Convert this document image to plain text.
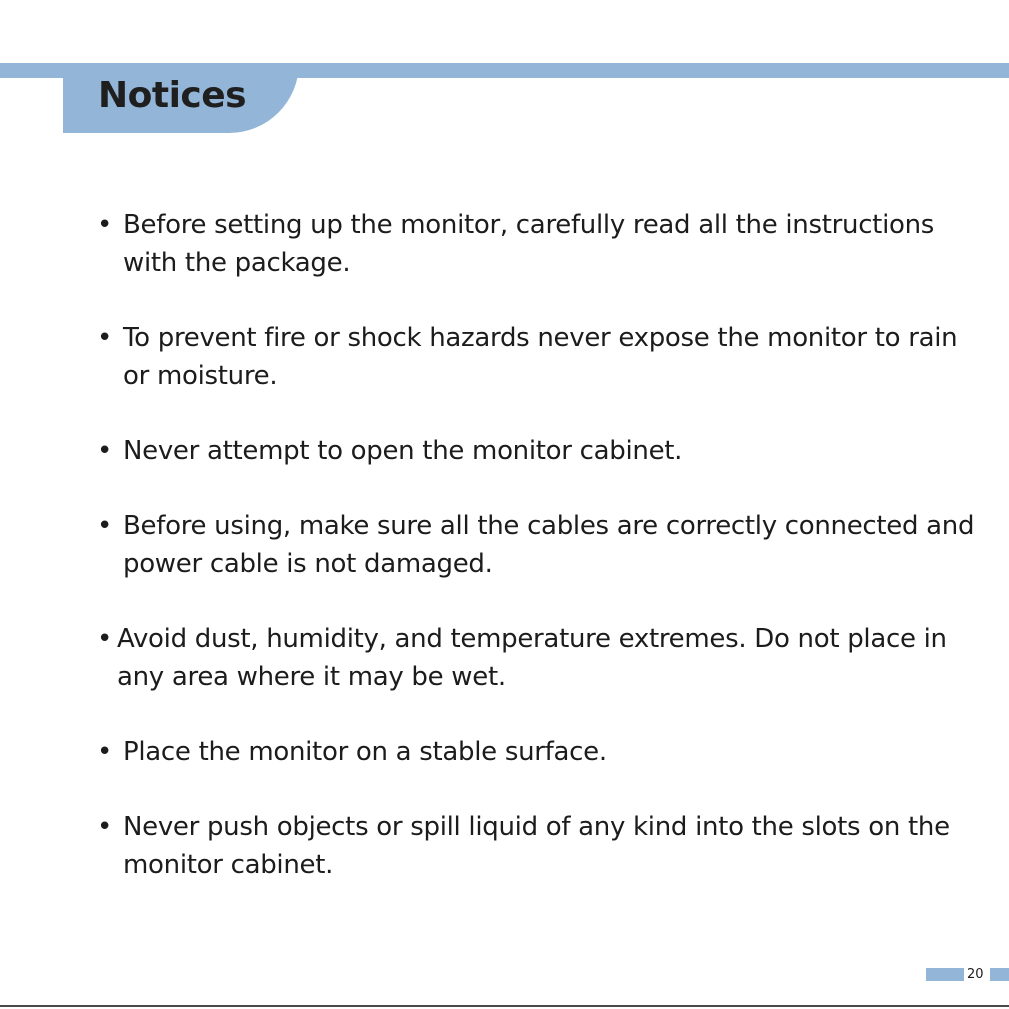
Notices
• Before setting up the monitor, carefully read all the instructions with the package.
• To prevent fire or shock hazards never expose the monitor to rain or moisture.
• Never attempt to open the monitor cabinet.
• Before using, make sure all the cables are correctly connected and power cable is not damaged.
• Avoid dust, humidity, and temperature extremes. Do not place in any area where it may be wet.
• Place the monitor on a stable surface.
• Never push objects or spill liquid of any kind into the slots on the monitor cabinet.
20
